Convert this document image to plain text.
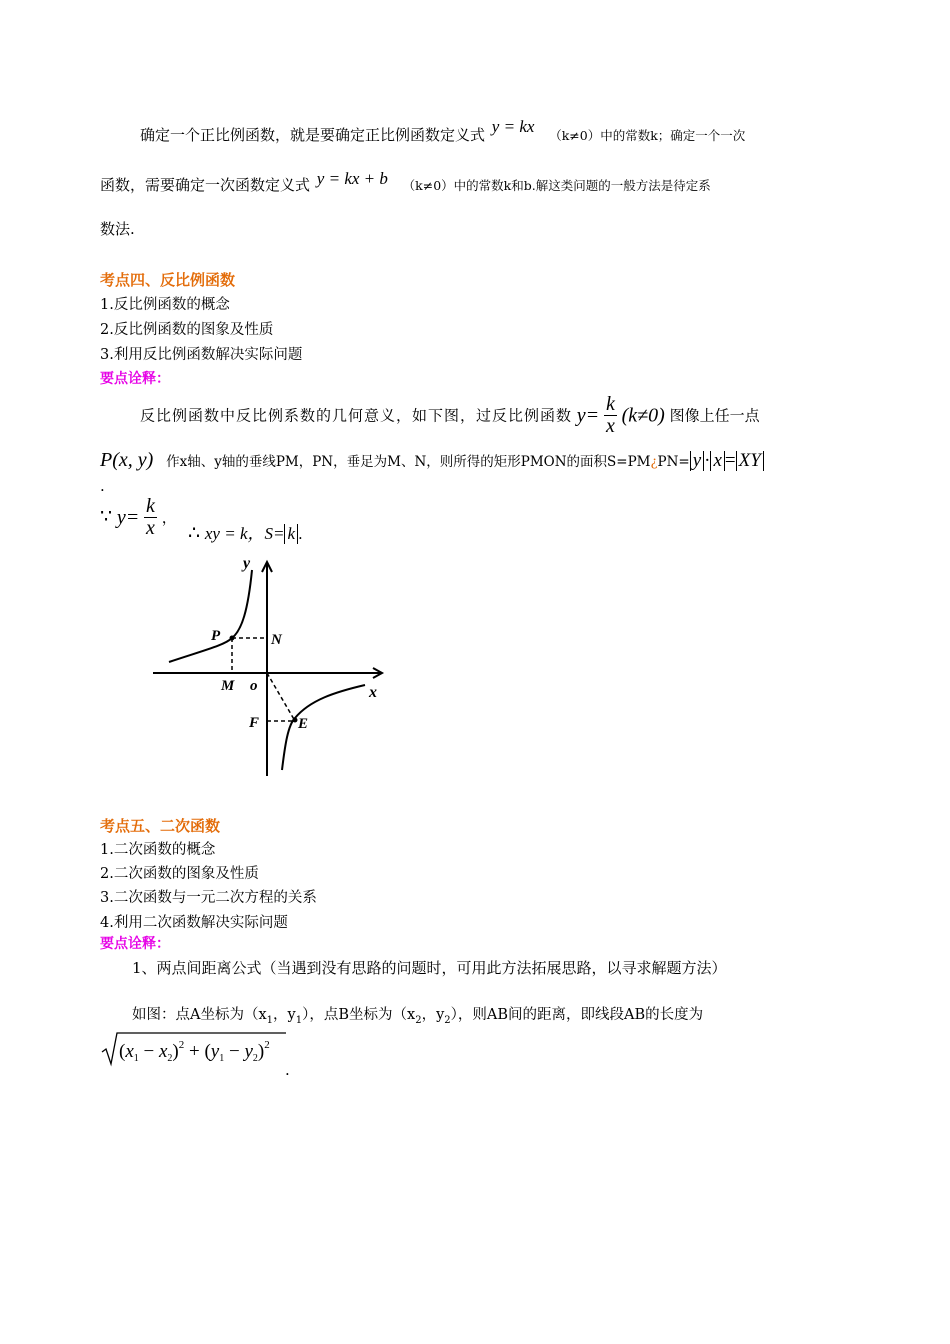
确定一个正比例函数，就是要确定正比例函数定义式 y = kx （k≠0）中的常数k；确定一个一次
函数，需要确定一次函数定义式 y = kx + b （k≠0）中的常数k和b.解这类问题的一般方法是待定系
数法.
考点四、反比例函数
1.反比例函数的概念
2.反比例函数的图象及性质
3.利用反比例函数解决实际问题
要点诠释：
反比例函数中反比例系数的几何意义，如下图，过反比例函数 $y= \frac{k}{x} (k\ne 0)$ 图像上任一点
P(x, y) 作x轴、y轴的垂线PM，PN，垂足为M、N，则所得的矩形PMON的面积S=PM¿PN= y · x = XY
.
∵ $y= \frac{k}{x}$ ，
∴ xy = k，S= k .
y
x
o
P	N
M
F	E
考点五、二次函数
1.二次函数的概念
2.二次函数的图象及性质
3.二次函数与一元二次方程的关系
4.利用二次函数解决实际问题
要点诠释：
1、两点间距离公式（当遇到没有思路的问题时，可用此方法拓展思路，以寻求解题方法）
如图：点A坐标为（$x_1$，$y_1$），点B坐标为（$x_2$，$y_2$），则AB间的距离，即线段AB的长度为
$(x_1 - x_2)^2 + (y_1 - y_2)^2$
.
